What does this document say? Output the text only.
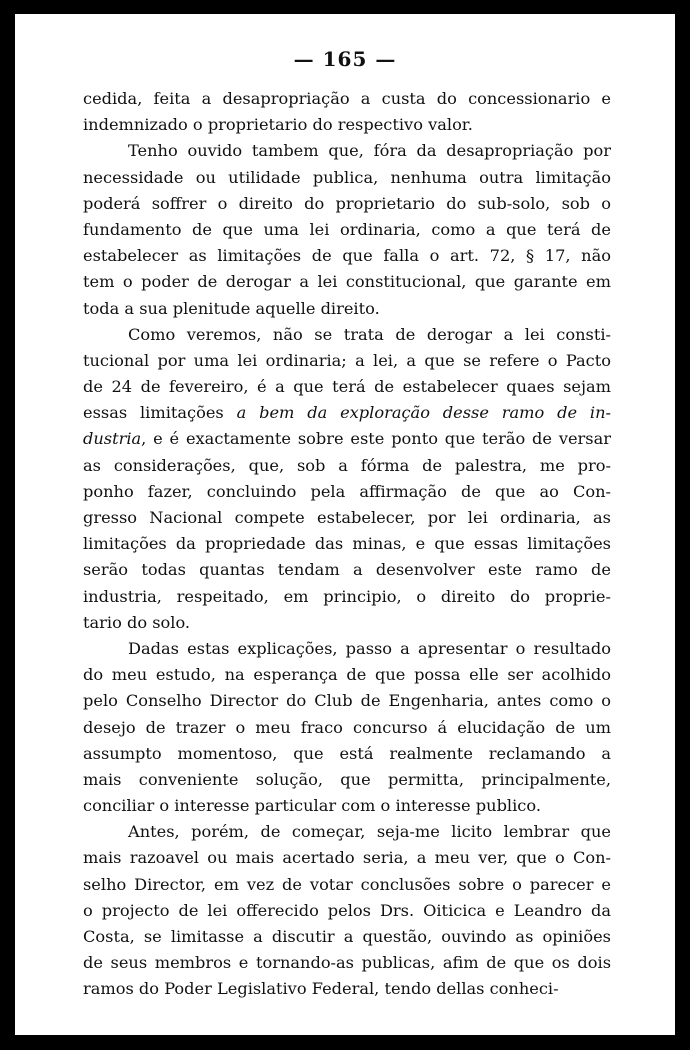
— 165 —
cedida, feita a desapropriação a custa do concessionario e
indemnizado o proprietario do respectivo valor.
Tenho ouvido tambem que, fóra da desapropriação por
necessidade ou utilidade publica, nenhuma outra limitação
poderá soffrer o direito do proprietario do sub-solo, sob o
fundamento de que uma lei ordinaria, como a que terá de
estabelecer as limitações de que falla o art. 72, § 17, não
tem o poder de derogar a lei constitucional, que garante em
toda a sua plenitude aquelle direito.
Como veremos, não se trata de derogar a lei consti-
tucional por uma lei ordinaria; a lei, a que se refere o Pacto
de 24 de fevereiro, é a que terá de estabelecer quaes sejam
essas limitações a bem da exploração desse ramo de in-
dustria, e é exactamente sobre este ponto que terão de versar
as considerações, que, sob a fórma de palestra, me pro-
ponho fazer, concluindo pela affirmação de que ao Con-
gresso Nacional compete estabelecer, por lei ordinaria, as
limitações da propriedade das minas, e que essas limitações
serão todas quantas tendam a desenvolver este ramo de
industria, respeitado, em principio, o direito do proprie-
tario do solo.
Dadas estas explicações, passo a apresentar o resultado
do meu estudo, na esperança de que possa elle ser acolhido
pelo Conselho Director do Club de Engenharia, antes como o
desejo de trazer o meu fraco concurso á elucidação de um
assumpto momentoso, que está realmente reclamando a
mais conveniente solução, que permitta, principalmente,
conciliar o interesse particular com o interesse publico.
Antes, porém, de começar, seja-me licito lembrar que
mais razoavel ou mais acertado seria, a meu ver, que o Con-
selho Director, em vez de votar conclusões sobre o parecer e
o projecto de lei offerecido pelos Drs. Oiticica e Leandro da
Costa, se limitasse a discutir a questão, ouvindo as opiniões
de seus membros e tornando-as publicas, afim de que os dois
ramos do Poder Legislativo Federal, tendo dellas conheci-
